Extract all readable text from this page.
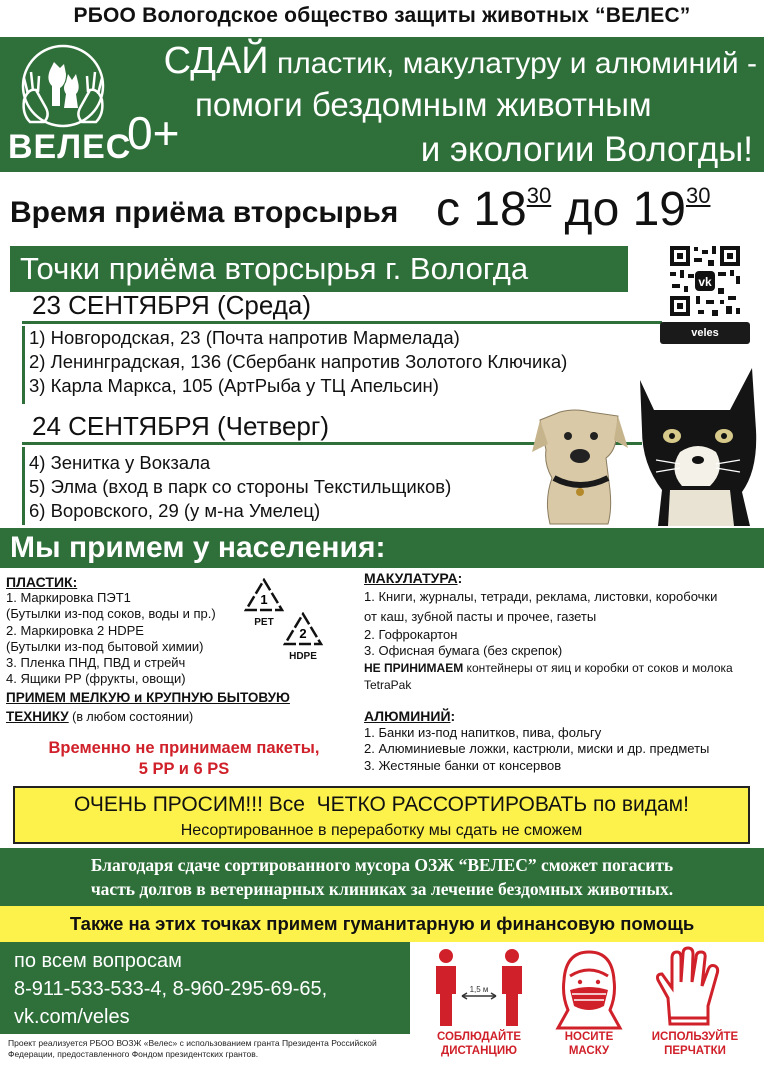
РБОО Вологодское общество защиты животных “ВЕЛЕС”
ВЕЛЕС
0+
СДАЙ пластик, макулатуру и алюминий -
помоги бездомным животным
и экологии Вологды!
Время приёма вторсырья с $18^{30}$ до $19^{30}$
Точки приёма вторсырья г. Вологда
23 СЕНТЯБРЯ (Среда)
1) Новгородская, 23 (Почта напротив Мармелада)
2) Ленинградская, 136 (Сбербанк напротив Золотого Ключика)
3) Карла Маркса, 105 (АртРыба у ТЦ Апельсин)
24 СЕНТЯБРЯ (Четверг)
4) Зенитка у Вокзала
5) Элма (вход в парк со стороны Текстильщиков)
6) Воровского, 29 (у м-на Умелец)
vk
veles
Мы примем у населения:
ПЛАСТИК:
1. Маркировка ПЭТ1
(Бутылки из-под соков, воды и пр.)
2. Маркировка 2 HDPE
(Бутылки из-под бытовой химии)
3. Пленка ПНД, ПВД и стрейч
4. Ящики PP (фрукты, овощи)
1
PET
2
HDPE
ПРИМЕМ МЕЛКУЮ и КРУПНУЮ БЫТОВУЮ
ТЕХНИКУ (в любом состоянии)
Временно не принимаем пакеты,
5 PP и 6 PS
МАКУЛАТУРА:
1. Книги, журналы, тетради, реклама, листовки, коробочки
от каш, зубной пасты и прочее, газеты
2. Гофрокартон
3. Офисная бумага (без скрепок)
НЕ ПРИНИМАЕМ контейнеры от яиц и коробки от соков и молока
TetraPak
АЛЮМИНИЙ:
1. Банки из-под напитков, пива, фольгу
2. Алюминиевые ложки, кастрюли, миски и др. предметы
3. Жестяные банки от консервов
ОЧЕНЬ ПРОСИМ!!! Все  ЧЕТКО РАССОРТИРОВАТЬ по видам!
Несортированное в переработку мы сдать не сможем
Благодаря сдаче сортированного мусора ОЗЖ “ВЕЛЕС” сможет погасить
часть долгов в ветеринарных клиниках за лечение бездомных животных.
Также на этих точках примем гуманитарную и финансовую помощь
по всем вопросам
8-911-533-533-4, 8-960-295-69-65,
vk.com/veles
Проект реализуется РБОО ВОЗЖ «Велес» с использованием гранта Президента Российской Федерации, предоставленного Фондом президентских грантов.
1,5 м
СОБЛЮДАЙТЕ
ДИСТАНЦИЮ
НОСИТЕ
МАСКУ
ИСПОЛЬЗУЙТЕ
ПЕРЧАТКИ
